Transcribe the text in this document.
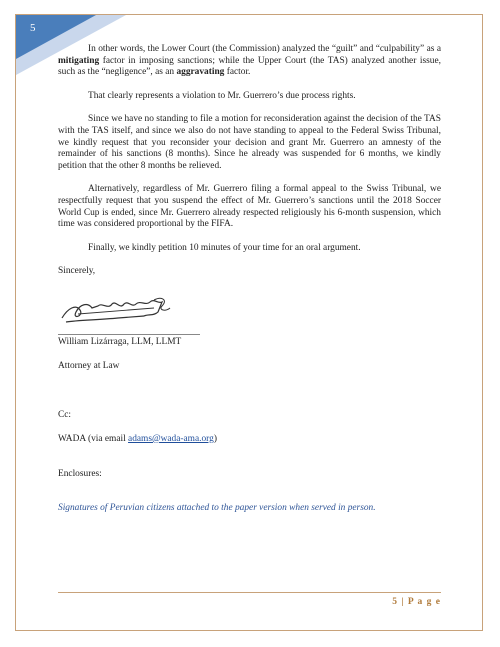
5

In other words, the Lower Court (the Commission) analyzed the “guilt” and “culpability” as a mitigating factor in imposing sanctions; while the Upper Court (the TAS) analyzed another issue, such as the “negligence”, as an aggravating factor.

That clearly represents a violation to Mr. Guerrero’s due process rights.

Since we have no standing to file a motion for reconsideration against the decision of the TAS with the TAS itself, and since we also do not have standing to appeal to the Federal Swiss Tribunal, we kindly request that you reconsider your decision and grant Mr. Guerrero an amnesty of the remainder of his sanctions (8 months). Since he already was suspended for 6 months, we kindly petition that the other 8 months be relieved.

Alternatively, regardless of Mr. Guerrero filing a formal appeal to the Swiss Tribunal, we respectfully request that you suspend the effect of Mr. Guerrero’s sanctions until the 2018 Soccer World Cup is ended, since Mr. Guerrero already respected religiously his 6-month suspension, which time was considered proportional by the FIFA.

Finally, we kindly petition 10 minutes of your time for an oral argument.

Sincerely,

William Lizárraga, LLM, LLMT

Attorney at Law

Cc:

WADA (via email adams@wada-ama.org)

Enclosures:

Signatures of Peruvian citizens attached to the paper version when served in person.

5 | P a g e
